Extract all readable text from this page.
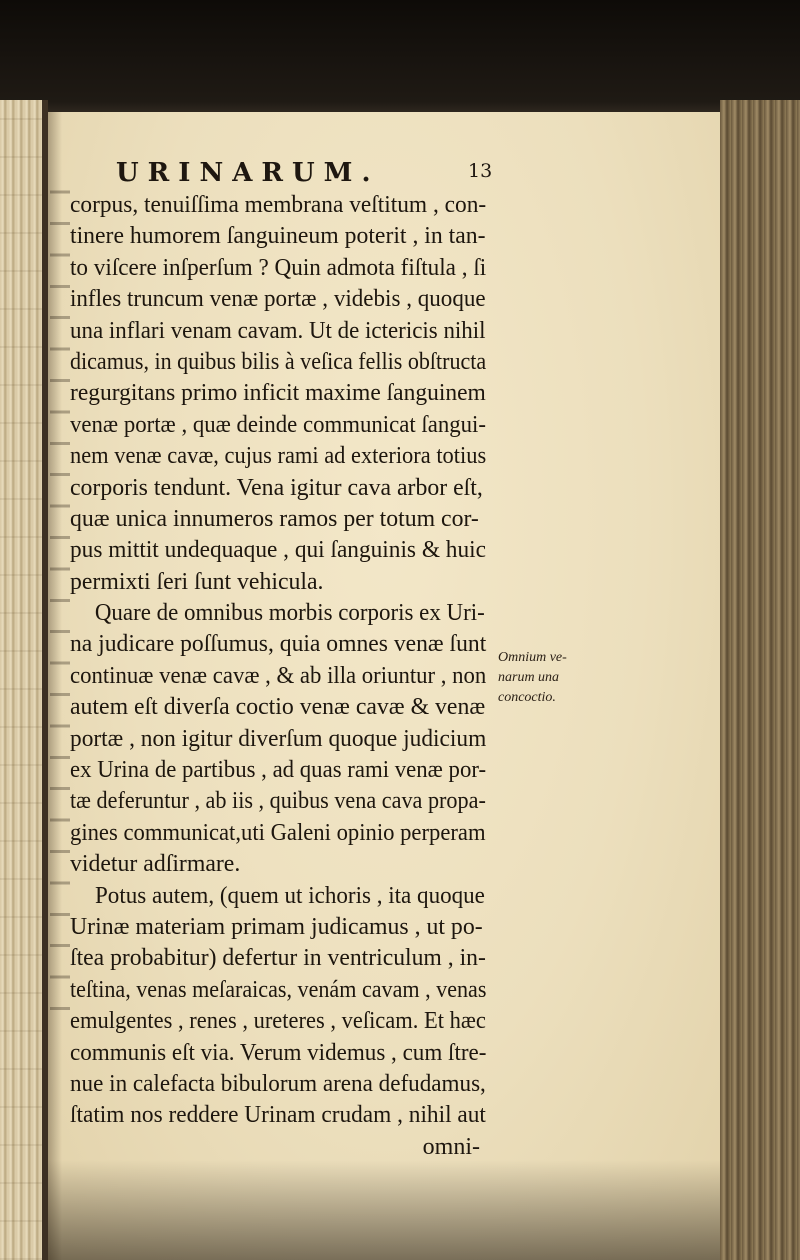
URINARUM.	13
corpus, tenuiſſima membrana veſtitum , con-
tinere humorem ſanguineum poterit , in tan-
to viſcere inſperſum ? Quin admota fiſtula , ſi
infles truncum venæ portæ , videbis , quoque
una inflari venam cavam. Ut de ictericis nihil
dicamus, in quibus bilis à veſica fellis obſtructa
regurgitans primo inficit maxime ſanguinem
venæ portæ , quæ deinde communicat ſangui-
nem venæ cavæ, cujus rami ad exteriora totius
corporis tendunt. Vena igitur cava arbor eſt,
quæ unica innumeros ramos per totum cor-
pus mittit undequaque , qui ſanguinis & huic
permixti ſeri ſunt vehicula.
Quare de omnibus morbis corporis ex Uri-
na judicare poſſumus, quia omnes venæ ſunt
continuæ venæ cavæ , & ab illa oriuntur , non
autem eſt diverſa coctio venæ cavæ & venæ
portæ , non igitur diverſum quoque judicium
ex Urina de partibus , ad quas rami venæ por-
tæ deferuntur , ab iis , quibus vena cava propa-
gines communicat,uti Galeni opinio perperam
videtur adſirmare.
Potus autem, (quem ut ichoris , ita quoque
Urinæ materiam primam judicamus , ut po-
ſtea probabitur) defertur in ventriculum , in-
teſtina, venas meſaraicas, venám cavam , venas
emulgentes , renes , ureteres , veſicam. Et hæc
communis eſt via. Verum videmus , cum ſtre-
nue in calefacta bibulorum arena defudamus,
ſtatim nos reddere Urinam crudam , nihil aut
omni-
Omnium ve-
narum una
concoctio.
